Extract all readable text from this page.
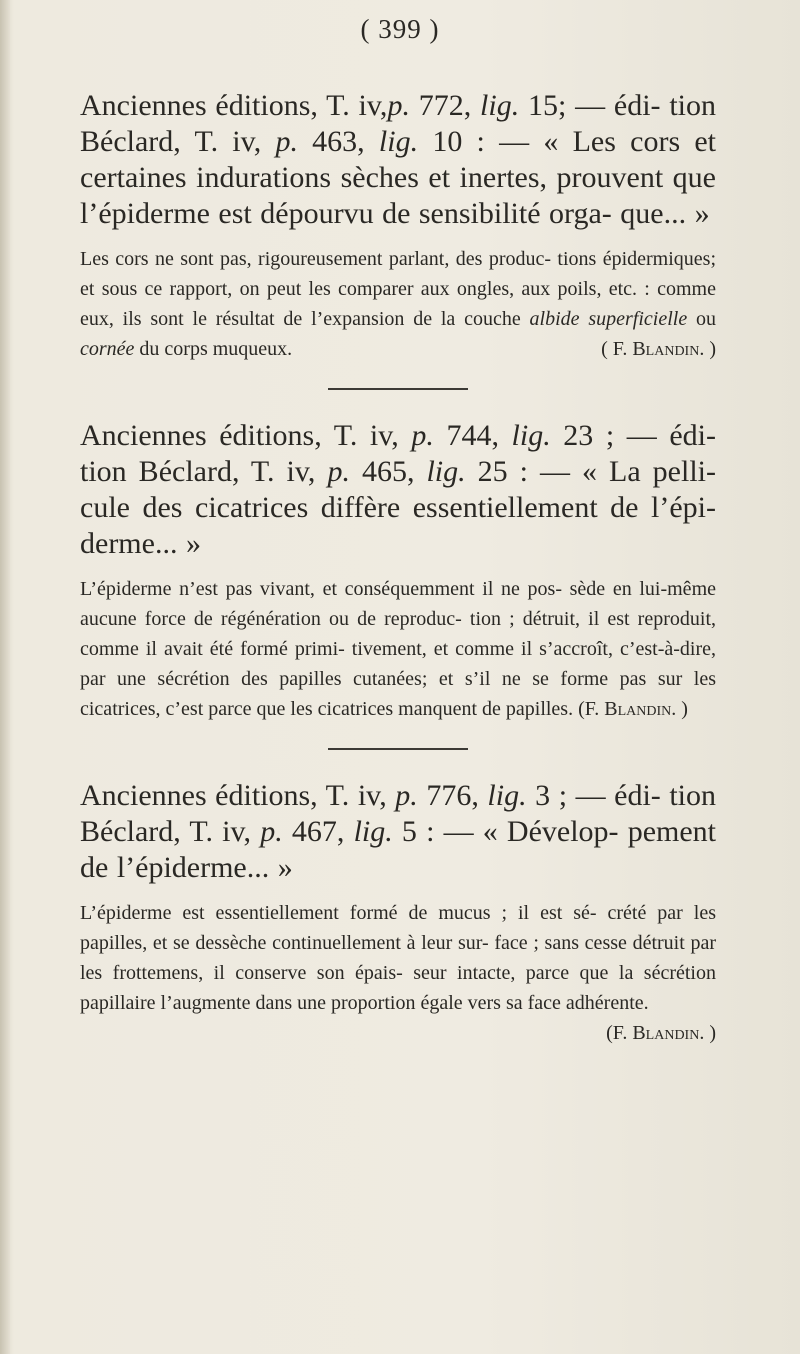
( 399 )

Anciennes éditions, T. iv,p. 772, lig. 15; — édi- tion Béclard, T. iv, p. 463, lig. 10 : — « Les cors et certaines indurations sèches et inertes, prouvent que l’épiderme est dépourvu de sensibilité orga- que... »

Les cors ne sont pas, rigoureusement parlant, des produc- tions épidermiques; et sous ce rapport, on peut les comparer aux ongles, aux poils, etc. : comme eux, ils sont le résultat de l’expansion de la couche albide superficielle ou cornée du corps muqueux.	( F. Blandin. )

Anciennes éditions, T. iv, p. 744, lig. 23 ; — édi- tion Béclard, T. iv, p. 465, lig. 25 : — « La pelli- cule des cicatrices diffère essentiellement de l’épi- derme... »

L’épiderme n’est pas vivant, et conséquemment il ne pos- sède en lui-même aucune force de régénération ou de reproduc- tion ; détruit, il est reproduit, comme il avait été formé primi- tivement, et comme il s’accroît, c’est-à-dire, par une sécrétion des papilles cutanées; et s’il ne se forme pas sur les cicatrices, c’est parce que les cicatrices manquent de papilles. (F. Blandin. )

Anciennes éditions, T. iv, p. 776, lig. 3 ; — édi- tion Béclard, T. iv, p. 467, lig. 5 : — « Dévelop- pement de l’épiderme... »

L’épiderme est essentiellement formé de mucus ; il est sé- crété par les papilles, et se dessèche continuellement à leur sur- face ; sans cesse détruit par les frottemens, il conserve son épais- seur intacte, parce que la sécrétion papillaire l’augmente dans une proportion égale vers sa face adhérente.
(F. Blandin. )
